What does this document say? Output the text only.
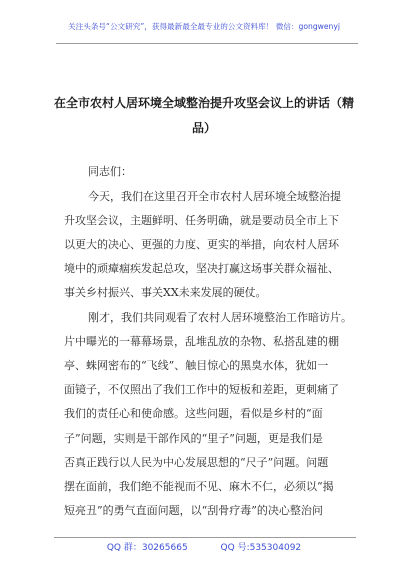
关注头条号“公文研究”，获得最新最全最专业的公文资料库！ 微信：gongwenyj
在全市农村人居环境全域整治提升攻坚会议上的讲话（精
品）
同志们：
今天，我们在这里召开全市农村人居环境全域整治提
升攻坚会议，主题鲜明、任务明确，就是要动员全市上下
以更大的决心、更强的力度、更实的举措，向农村人居环
境中的顽瘴痼疾发起总攻，坚决打赢这场事关群众福祉、
事关乡村振兴、事关XX未来发展的硬仗。
刚才，我们共同观看了农村人居环境整治工作暗访片。
片中曝光的一幕幕场景，乱堆乱放的杂物、私搭乱建的棚
亭、蛛网密布的“飞线”、触目惊心的黑臭水体，犹如一
面镜子，不仅照出了我们工作中的短板和差距，更刺痛了
我们的责任心和使命感。这些问题，看似是乡村的“面
子”问题，实则是干部作风的“里子”问题，更是我们是
否真正践行以人民为中心发展思想的“尺子”问题。问题
摆在面前，我们绝不能视而不见、麻木不仁，必须以“揭
短亮丑”的勇气直面问题，以“刮骨疗毒”的决心整治问
QQ 群：30265665	QQ 号:535304092
